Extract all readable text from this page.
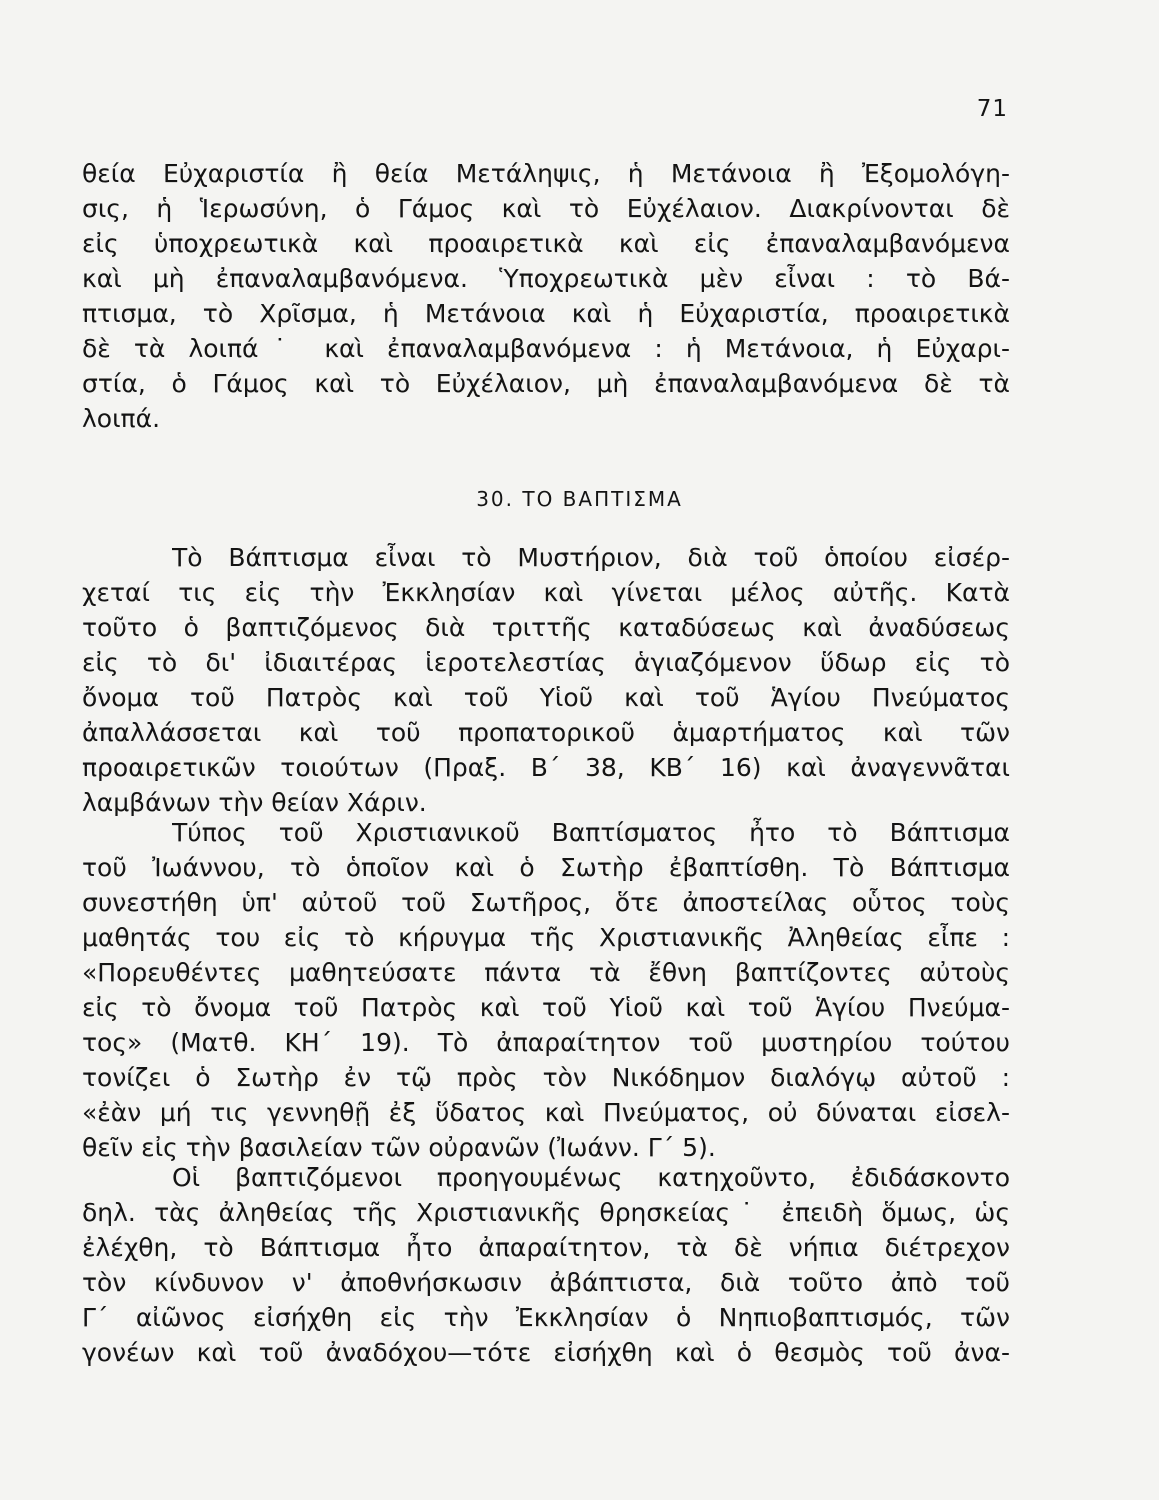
71
θεία Εὐχαριστία ἢ θεία Μετάληψις, ἡ Μετάνοια ἢ Ἐξομολόγη-
σις, ἡ Ἱερωσύνη, ὁ Γάμος καὶ τὸ Εὐχέλαιον. Διακρίνονται δὲ
εἰς ὑποχρεωτικὰ καὶ προαιρετικὰ καὶ εἰς ἐπαναλαμβανόμενα
καὶ μὴ ἐπαναλαμβανόμενα. Ὑποχρεωτικὰ μὲν εἶναι : τὸ Βά-
πτισμα, τὸ Χρῖσμα, ἡ Μετάνοια καὶ ἡ Εὐχαριστία, προαιρετικὰ
δὲ τὰ λοιπά˙ καὶ ἐπαναλαμβανόμενα : ἡ Μετάνοια, ἡ Εὐχαρι-
στία, ὁ Γάμος καὶ τὸ Εὐχέλαιον, μὴ ἐπαναλαμβανόμενα δὲ τὰ
λοιπά.
30. ΤΟ ΒΑΠΤΙΣΜΑ
Τὸ Βάπτισμα εἶναι τὸ Μυστήριον, διὰ τοῦ ὁποίου εἰσέρ-
χεταί τις εἰς τὴν Ἐκκλησίαν καὶ γίνεται μέλος αὐτῆς. Κατὰ
τοῦτο ὁ βαπτιζόμενος διὰ τριττῆς καταδύσεως καὶ ἀναδύσεως
εἰς τὸ δι' ἰδιαιτέρας ἱεροτελεστίας ἁγιαζόμενον ὕδωρ εἰς τὸ
ὄνομα τοῦ Πατρὸς καὶ τοῦ Υἱοῦ καὶ τοῦ Ἁγίου Πνεύματος
ἀπαλλάσσεται καὶ τοῦ προπατορικοῦ ἁμαρτήματος καὶ τῶν
προαιρετικῶν τοιούτων (Πραξ. Β΄ 38, ΚΒ΄ 16) καὶ ἀναγεννᾶται
λαμβάνων τὴν θείαν Χάριν.
Τύπος τοῦ Χριστιανικοῦ Βαπτίσματος ἦτο τὸ Βάπτισμα
τοῦ Ἰωάννου, τὸ ὁποῖον καὶ ὁ Σωτὴρ ἐβαπτίσθη. Τὸ Βάπτισμα
συνεστήθη ὑπ' αὐτοῦ τοῦ Σωτῆρος, ὅτε ἀποστείλας οὗτος τοὺς
μαθητάς του εἰς τὸ κήρυγμα τῆς Χριστιανικῆς Ἀληθείας εἶπε :
«Πορευθέντες μαθητεύσατε πάντα τὰ ἔθνη βαπτίζοντες αὐτοὺς
εἰς τὸ ὄνομα τοῦ Πατρὸς καὶ τοῦ Υἱοῦ καὶ τοῦ Ἁγίου Πνεύμα-
τος» (Ματθ. ΚΗ΄ 19). Τὸ ἀπαραίτητον τοῦ μυστηρίου τούτου
τονίζει ὁ Σωτὴρ ἐν τῷ πρὸς τὸν Νικόδημον διαλόγῳ αὐτοῦ :
«ἐὰν μή τις γεννηθῇ ἐξ ὕδατος καὶ Πνεύματος, οὐ δύναται εἰσελ-
θεῖν εἰς τὴν βασιλείαν τῶν οὐρανῶν (Ἰωάνν. Γ΄ 5).
Οἱ βαπτιζόμενοι προηγουμένως κατηχοῦντο, ἐδιδάσκοντο
δηλ. τὰς ἀληθείας τῆς Χριστιανικῆς θρησκείας˙ ἐπειδὴ ὅμως, ὡς
ἐλέχθη, τὸ Βάπτισμα ἦτο ἀπαραίτητον, τὰ δὲ νήπια διέτρεχον
τὸν κίνδυνον ν' ἀποθνήσκωσιν ἀβάπτιστα, διὰ τοῦτο ἀπὸ τοῦ
Γ΄ αἰῶνος εἰσήχθη εἰς τὴν Ἐκκλησίαν ὁ Νηπιοβαπτισμός, τῶν
γονέων καὶ τοῦ ἀναδόχου—τότε εἰσήχθη καὶ ὁ θεσμὸς τοῦ ἀνα-
